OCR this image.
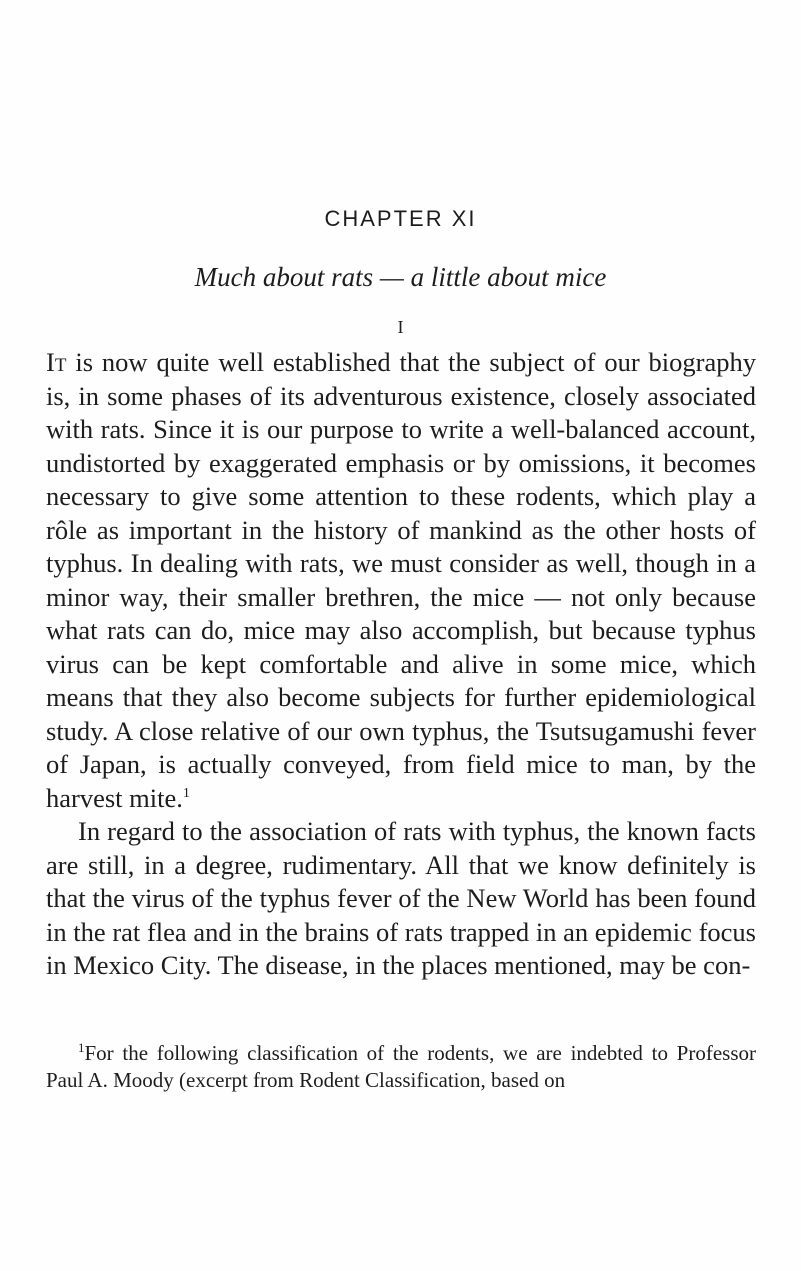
CHAPTER XI
Much about rats — a little about mice
I

It is now quite well established that the subject of our biography is, in some phases of its adventurous existence, closely associated with rats. Since it is our purpose to write a well-balanced account, undistorted by exaggerated emphasis or by omissions, it becomes necessary to give some attention to these rodents, which play a rôle as important in the history of mankind as the other hosts of typhus. In dealing with rats, we must consider as well, though in a minor way, their smaller brethren, the mice — not only because what rats can do, mice may also accomplish, but because typhus virus can be kept comfortable and alive in some mice, which means that they also become subjects for further epidemiological study. A close relative of our own typhus, the Tsutsugamushi fever of Japan, is actually conveyed, from field mice to man, by the harvest mite.$^1$

In regard to the association of rats with typhus, the known facts are still, in a degree, rudimentary. All that we know definitely is that the virus of the typhus fever of the New World has been found in the rat flea and in the brains of rats trapped in an epidemic focus in Mexico City. The disease, in the places mentioned, may be con-

$^1$For the following classification of the rodents, we are indebted to Professor Paul A. Moody (excerpt from Rodent Classification, based on
